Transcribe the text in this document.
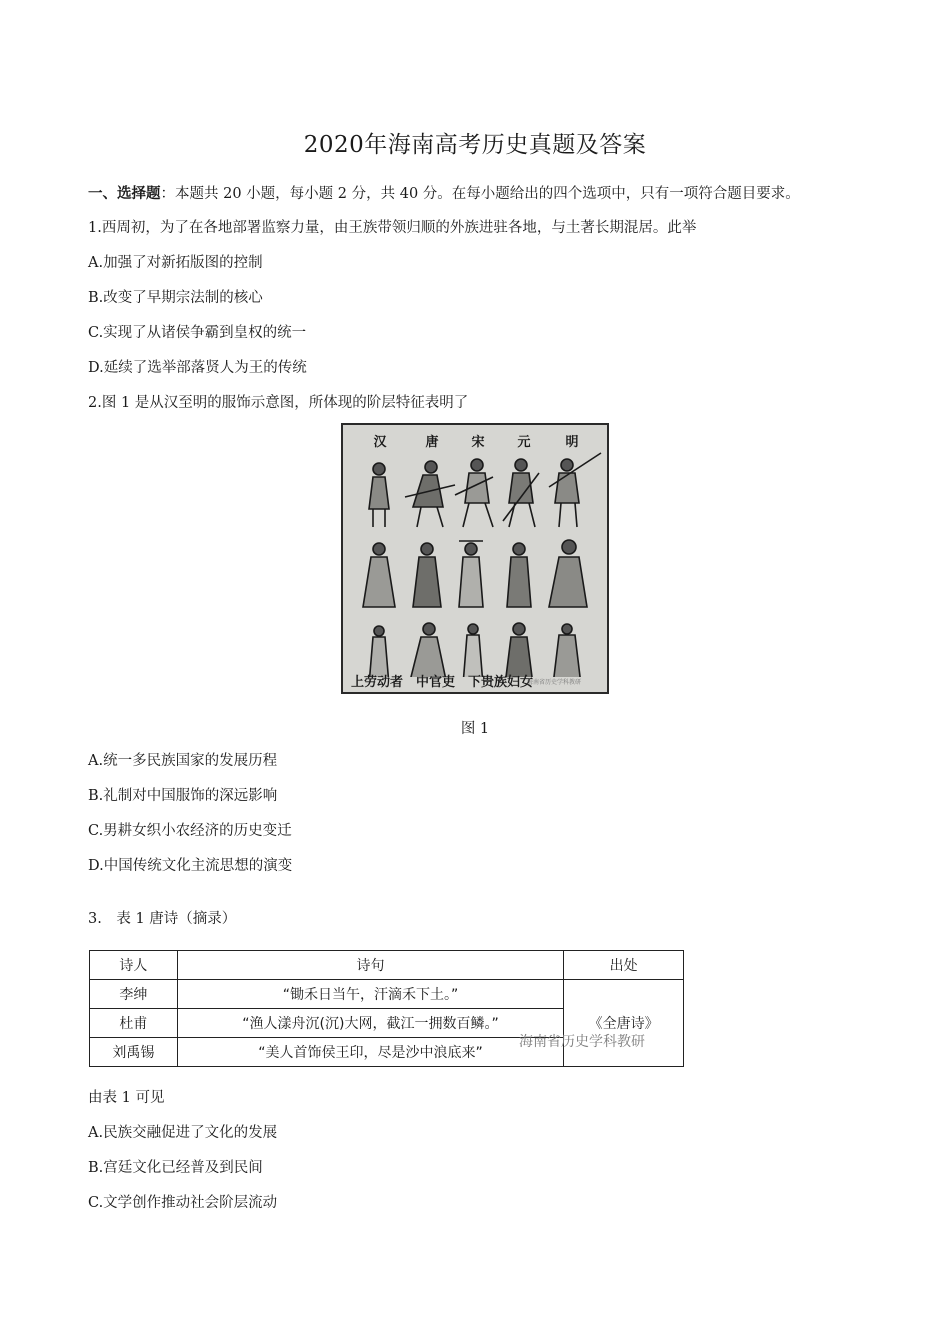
2020年海南高考历史真题及答案
一、选择题：本题共 20 小题，每小题 2 分，共 40 分。在每小题给出的四个选项中，只有一项符合题目要求。
1.西周初，为了在各地部署监察力量，由王族带领归顺的外族进驻各地，与土著长期混居。此举
A.加强了对新拓版图的控制
B.改变了早期宗法制的核心
C.实现了从诸侯争霸到皇权的统一
D.延续了选举部落贤人为王的传统
2.图 1 是从汉至明的服饰示意图，所体现的阶层特征表明了
汉	唐	宋	元	明
上劳动者　中官吏　下贵族妇女
海南省历史学科教研
图 1
A.统一多民族国家的发展历程
B.礼制对中国服饰的深远影响
C.男耕女织小农经济的历史变迁
D.中国传统文化主流思想的演变
3.　表 1 唐诗（摘录）
诗人	诗句	出处
李绅	“锄禾日当午，汗滴禾下土。”	《全唐诗》
杜甫	“渔人漾舟沉(沉)大网，截江一拥数百鳞。”	
刘禹锡	“美人首饰侯王印，尽是沙中浪底来”	
海南省历史学科教研
由表 1 可见
A.民族交融促进了文化的发展
B.宫廷文化已经普及到民间
C.文学创作推动社会阶层流动
